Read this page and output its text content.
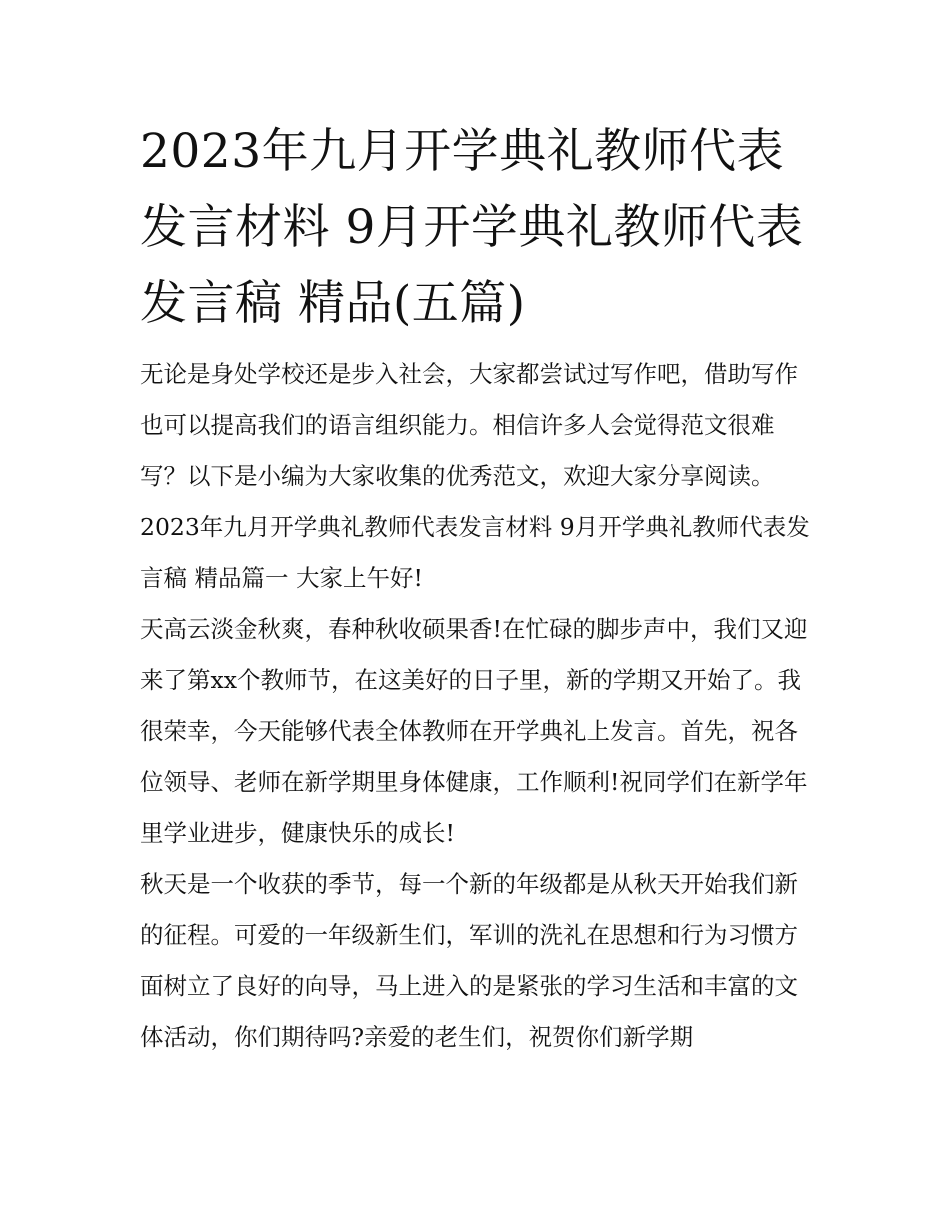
2023年九月开学典礼教师代表发言材料 9月开学典礼教师代表发言稿 精品(五篇)

无论是身处学校还是步入社会，大家都尝试过写作吧，借助写作也可以提高我们的语言组织能力。相信许多人会觉得范文很难写？以下是小编为大家收集的优秀范文，欢迎大家分享阅读。

2023年九月开学典礼教师代表发言材料 9月开学典礼教师代表发言稿 精品篇一 大家上午好!

天高云淡金秋爽，春种秋收硕果香!在忙碌的脚步声中，我们又迎来了第xx个教师节，在这美好的日子里，新的学期又开始了。我很荣幸，今天能够代表全体教师在开学典礼上发言。首先，祝各位领导、老师在新学期里身体健康，工作顺利!祝同学们在新学年里学业进步，健康快乐的成长!

秋天是一个收获的季节，每一个新的年级都是从秋天开始我们新的征程。可爱的一年级新生们，军训的洗礼在思想和行为习惯方面树立了良好的向导，马上进入的是紧张的学习生活和丰富的文体活动，你们期待吗?亲爱的老生们，祝贺你们新学期
